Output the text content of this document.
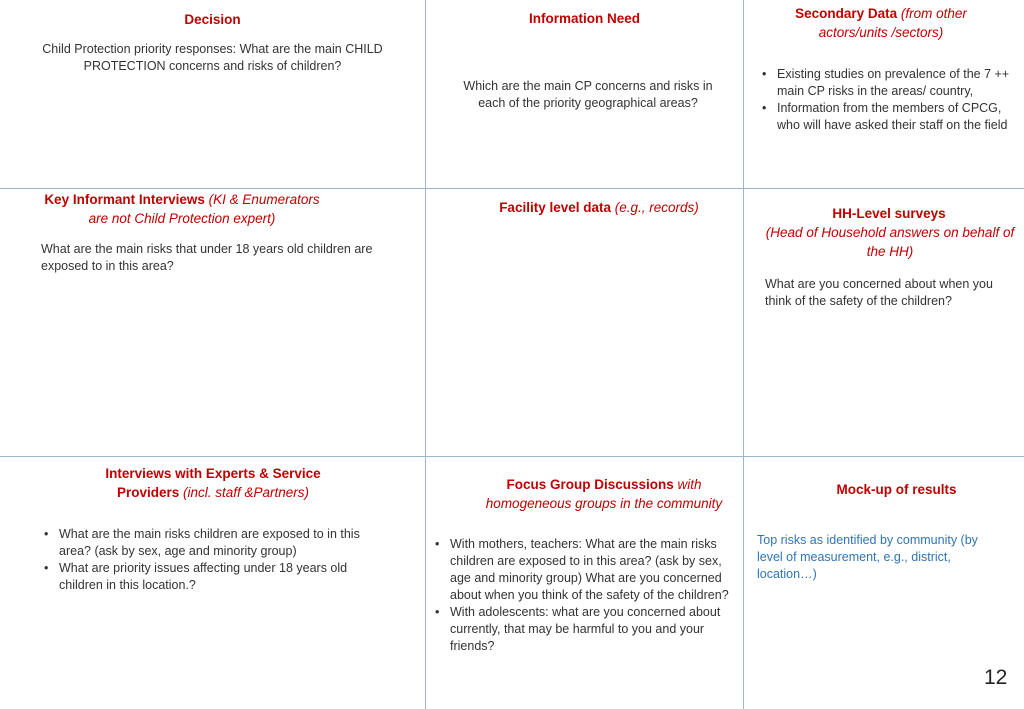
Decision
Child Protection priority responses: What are the main CHILD PROTECTION concerns and risks of children?
Information Need
Which are the main CP concerns and risks in each of the priority geographical areas?
Secondary Data (from other actors/units /sectors)
• Existing studies on prevalence of the 7 ++ main CP risks in the areas/ country,
• Information from the members of CPCG, who will have asked their staff on the field
Key Informant Interviews (KI & Enumerators are not Child Protection expert)
What are the main risks that under 18 years old children are exposed to in this area?
Facility level data (e.g., records)	HH-Level surveys
(Head of Household answers on behalf of the HH)
What are you concerned about when you think of the safety of the children?
Interviews with Experts & Service Providers (incl. staff &Partners)
• What are the main risks children are exposed to in this area? (ask by sex, age and minority group)
• What are priority issues affecting under 18 years old children in this location.?
Focus Group Discussions with homogeneous groups in the community
• With mothers, teachers: What are the main risks children are exposed to in this area? (ask by sex, age and minority group) What are you concerned about when you think of the safety of the children?
• With adolescents: what are you concerned about currently, that may be harmful to you and your friends?
Mock-up of results
Top risks as identified by community (by level of measurement, e.g., district, location…)
12
